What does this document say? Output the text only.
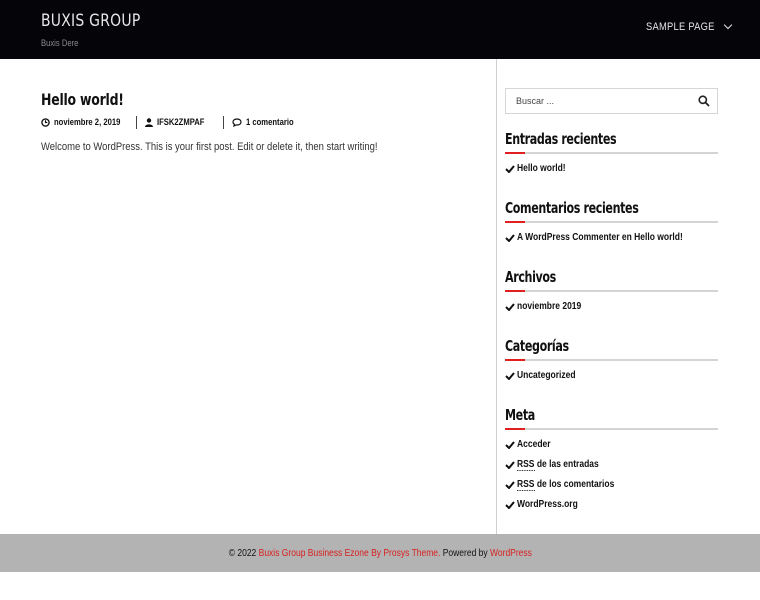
BUXIS GROUP
Buxis Dere
SAMPLE PAGE
Hello world!
noviembre 2, 2019	IFSK2ZMPAF	1 comentario
Welcome to WordPress. This is your first post. Edit or delete it, then start writing!
Buscar ...	Entradas recientes
Hello world!
Comentarios recientes
A WordPress Commenter en Hello world!
Archivos
noviembre 2019
Categorías
Uncategorized
Meta
Acceder
RSS de las entradas
RSS de los comentarios
WordPress.org
© 2022 Buxis Group Business Ezone By Prosys Theme. Powered by WordPress
